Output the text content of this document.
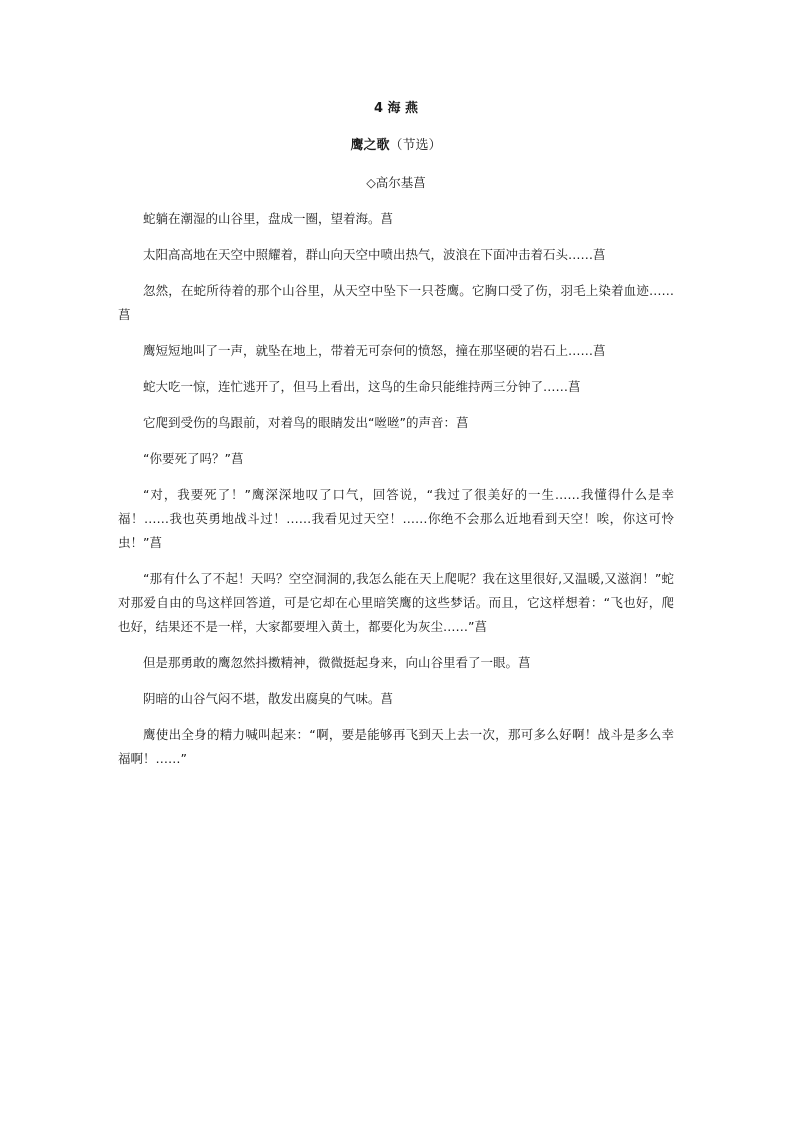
4 海 燕
鹰之歌（节选）
◇高尔基菖

蛇躺在潮湿的山谷里，盘成一圈，望着海。菖

太阳高高地在天空中照耀着，群山向天空中喷出热气，波浪在下面冲击着石头……菖

忽然，在蛇所待着的那个山谷里，从天空中坠下一只苍鹰。它胸口受了伤，羽毛上染着血迹……菖

鹰短短地叫了一声，就坠在地上，带着无可奈何的愤怒，撞在那坚硬的岩石上……菖

蛇大吃一惊，连忙逃开了，但马上看出，这鸟的生命只能维持两三分钟了……菖

它爬到受伤的鸟跟前，对着鸟的眼睛发出“咝咝”的声音：菖

“你要死了吗？”菖

“对，我要死了！”鹰深深地叹了口气，回答说，“我过了很美好的一生……我懂得什么是幸福！……我也英勇地战斗过！……我看见过天空！……你绝不会那么近地看到天空！唉，你这可怜虫！”菖

“那有什么了不起！天吗？空空洞洞的,我怎么能在天上爬呢？我在这里很好,又温暖,又滋润！”蛇对那爱自由的鸟这样回答道，可是它却在心里暗笑鹰的这些梦话。而且，它这样想着：“飞也好，爬也好，结果还不是一样，大家都要埋入黄土，都要化为灰尘……”菖

但是那勇敢的鹰忽然抖擞精神，微微挺起身来，向山谷里看了一眼。菖

阴暗的山谷气闷不堪，散发出腐臭的气味。菖

鹰使出全身的精力喊叫起来：“啊，要是能够再飞到天上去一次，那可多么好啊！战斗是多么幸福啊！……”
